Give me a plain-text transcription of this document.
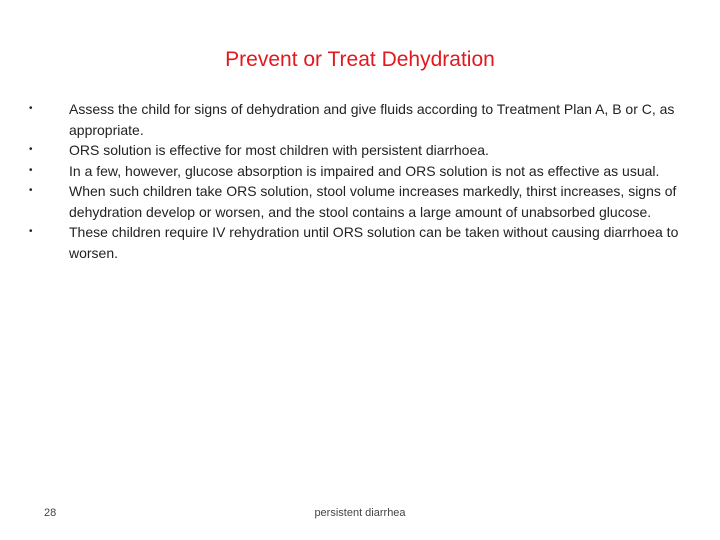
Prevent or Treat Dehydration
•	Assess the child for signs of dehydration and give fluids according to Treatment Plan A, B or C, as appropriate.
•	ORS solution is effective for most children with persistent diarrhoea.
•	In a few, however, glucose absorption is impaired and ORS solution is not as effective as usual.
•	When such children take ORS solution, stool volume increases markedly, thirst increases, signs of dehydration develop or worsen, and the stool contains a large amount of unabsorbed glucose.
•	These children require IV rehydration until ORS solution can be taken without causing diarrhoea to worsen.
28	persistent diarrhea
